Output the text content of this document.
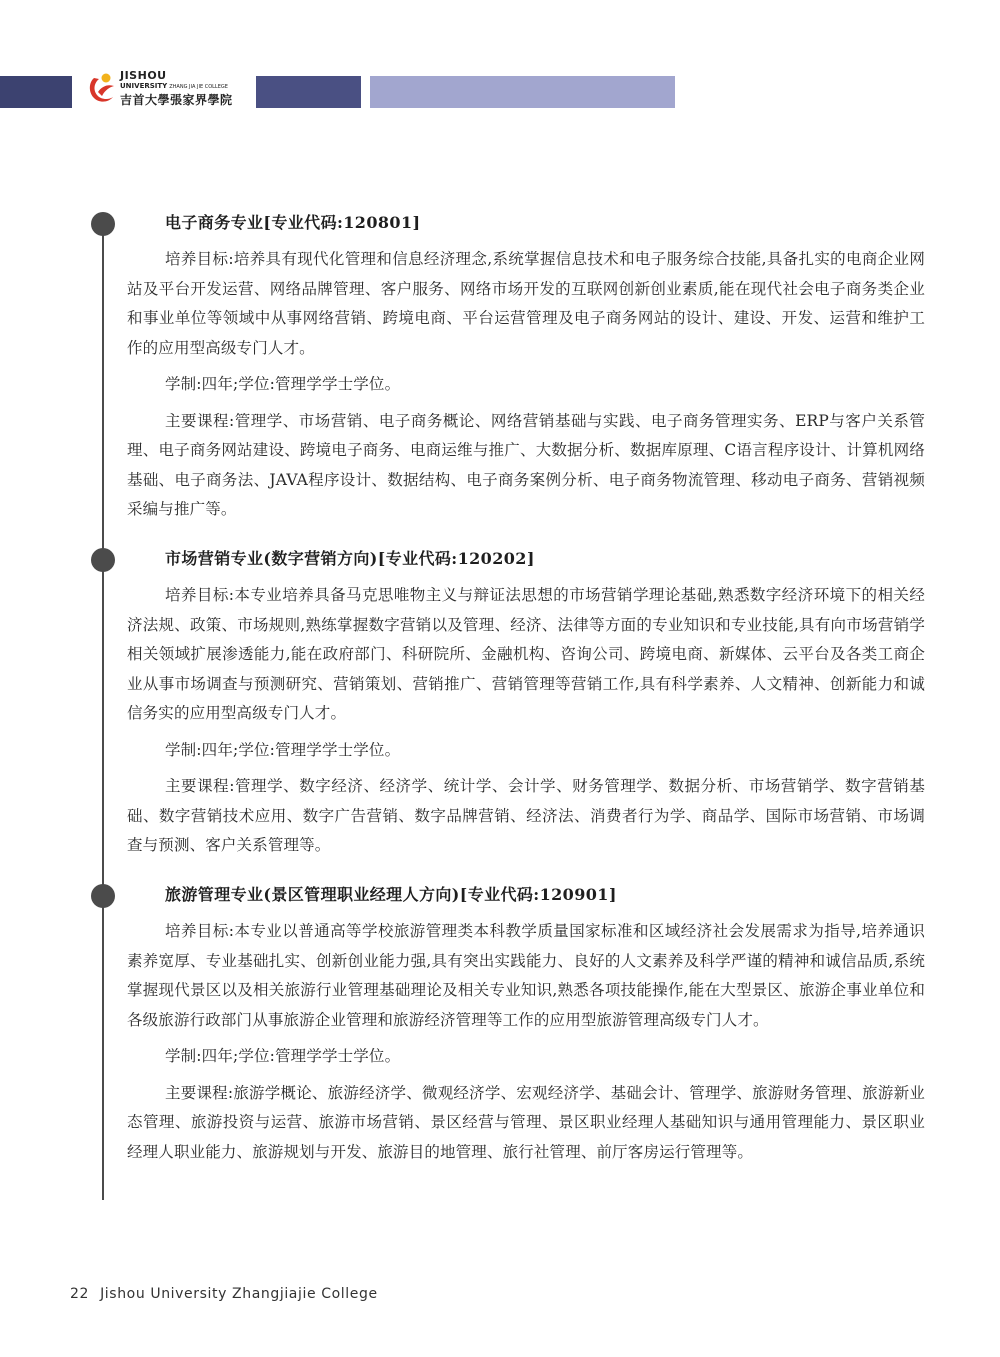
JISHOU
UNIVERSITY ZHANG JIA JIE COLLEGE
吉首大學張家界學院
电子商务专业[专业代码:120801]

培养目标:培养具有现代化管理和信息经济理念,系统掌握信息技术和电子服务综合技能,具备扎实的电商企业网站及平台开发运营、网络品牌管理、客户服务、网络市场开发的互联网创新创业素质,能在现代社会电子商务类企业和事业单位等领域中从事网络营销、跨境电商、平台运营管理及电子商务网站的设计、建设、开发、运营和维护工作的应用型高级专门人才。

学制:四年;学位:管理学学士学位。

主要课程:管理学、市场营销、电子商务概论、网络营销基础与实践、电子商务管理实务、ERP与客户关系管理、电子商务网站建设、跨境电子商务、电商运维与推广、大数据分析、数据库原理、C语言程序设计、计算机网络基础、电子商务法、JAVA程序设计、数据结构、电子商务案例分析、电子商务物流管理、移动电子商务、营销视频采编与推广等。

市场营销专业(数字营销方向)[专业代码:120202]

培养目标:本专业培养具备马克思唯物主义与辩证法思想的市场营销学理论基础,熟悉数字经济环境下的相关经济法规、政策、市场规则,熟练掌握数字营销以及管理、经济、法律等方面的专业知识和专业技能,具有向市场营销学相关领域扩展渗透能力,能在政府部门、科研院所、金融机构、咨询公司、跨境电商、新媒体、云平台及各类工商企业从事市场调查与预测研究、营销策划、营销推广、营销管理等营销工作,具有科学素养、人文精神、创新能力和诚信务实的应用型高级专门人才。

学制:四年;学位:管理学学士学位。

主要课程:管理学、数字经济、经济学、统计学、会计学、财务管理学、数据分析、市场营销学、数字营销基础、数字营销技术应用、数字广告营销、数字品牌营销、经济法、消费者行为学、商品学、国际市场营销、市场调查与预测、客户关系管理等。

旅游管理专业(景区管理职业经理人方向)[专业代码:120901]

培养目标:本专业以普通高等学校旅游管理类本科教学质量国家标准和区域经济社会发展需求为指导,培养通识素养宽厚、专业基础扎实、创新创业能力强,具有突出实践能力、良好的人文素养及科学严谨的精神和诚信品质,系统掌握现代景区以及相关旅游行业管理基础理论及相关专业知识,熟悉各项技能操作,能在大型景区、旅游企事业单位和各级旅游行政部门从事旅游企业管理和旅游经济管理等工作的应用型旅游管理高级专门人才。

学制:四年;学位:管理学学士学位。

主要课程:旅游学概论、旅游经济学、微观经济学、宏观经济学、基础会计、管理学、旅游财务管理、旅游新业态管理、旅游投资与运营、旅游市场营销、景区经营与管理、景区职业经理人基础知识与通用管理能力、景区职业经理人职业能力、旅游规划与开发、旅游目的地管理、旅行社管理、前厅客房运行管理等。

22 Jishou University Zhangjiajie College
